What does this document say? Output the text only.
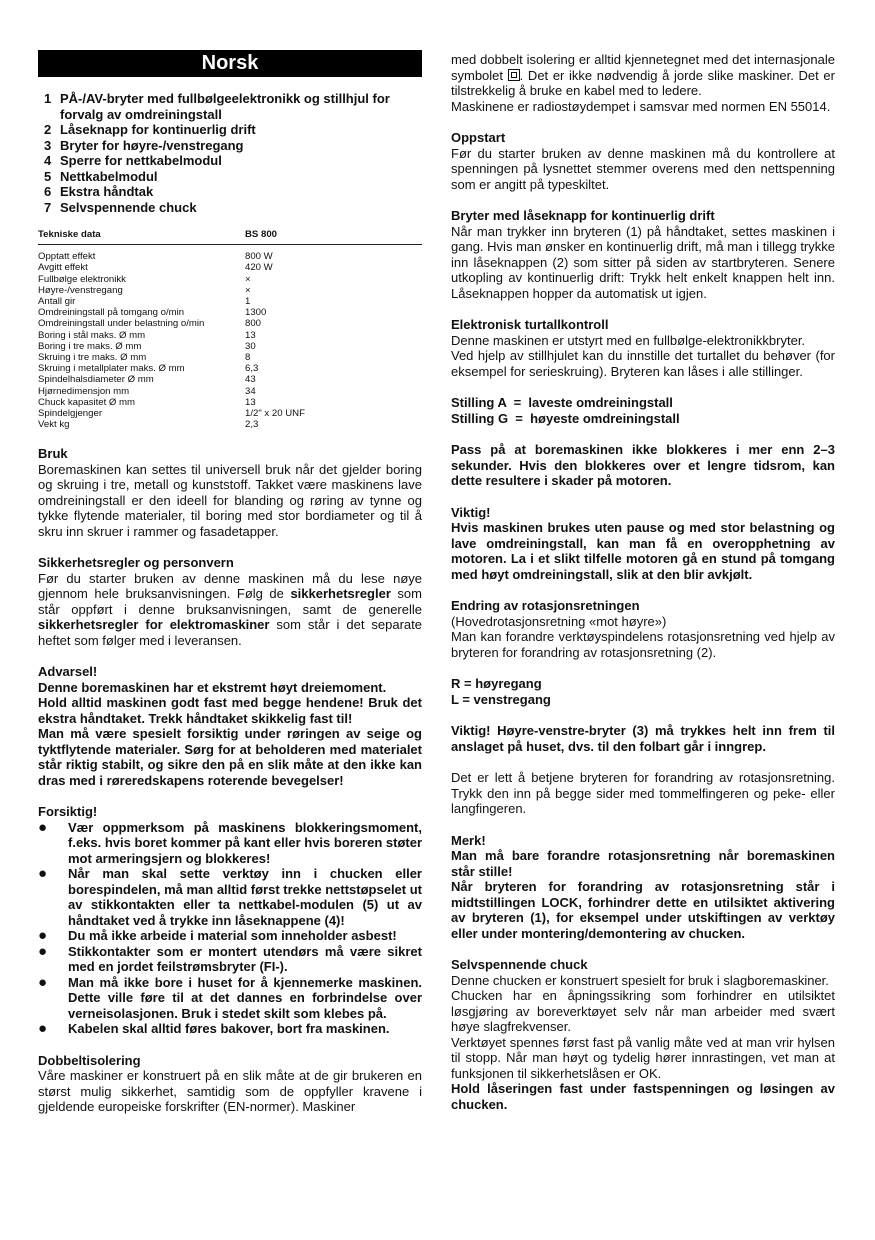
Norsk
1 PÅ-/AV-bryter med fullbølgeelektronikk og stillhjul for forvalg av omdreiningstall
2 Låseknapp for kontinuerlig drift
3 Bryter for høyre-/venstregang
4 Sperre for nettkabelmodul
5 Nettkabelmodul
6 Ekstra håndtak
7 Selvspennende chuck
Tekniske data	BS 800
Opptatt effekt	800 W
Avgitt effekt	420 W
Fullbølge elektronikk	×
Høyre-/venstregang	×
Antall gir	1
Omdreiningstall på tomgang o/min	1300
Omdreiningstall under belastning o/min	800
Boring i stål maks. Ø mm	13
Boring i tre maks. Ø mm	30
Skruing i tre maks. Ø mm	8
Skruing i metallplater maks. Ø mm	6,3
Spindelhalsdiameter Ø mm	43
Hjørnedimensjon mm	34
Chuck kapasitet Ø mm	13
Spindelgjenger	1/2" x 20 UNF
Vekt kg	2,3
Bruk

Boremaskinen kan settes til universell bruk når det gjelder boring og skruing i tre, metall og kunststoff. Takket være maskinens lave omdreiningstall er den ideell for blanding og røring av tynne og tykke flytende materialer, til boring med stor bordiameter og til å skru inn skruer i rammer og fasadetapper.

Sikkerhetsregler og personvern

Før du starter bruken av denne maskinen må du lese nøye gjennom hele bruksanvisningen. Følg de sikkerhetsregler som står oppført i denne bruksanvisningen, samt de generelle sikkerhetsregler for elektromaskiner som står i det separate heftet som følger med i leveransen.

Advarsel!

Denne boremaskinen har et ekstremt høyt dreiemoment.

Hold alltid maskinen godt fast med begge hendene! Bruk det ekstra håndtaket. Trekk håndtaket skikkelig fast til!

Man må være spesielt forsiktig under røringen av seige og tyktflytende materialer. Sørg for at beholderen med materialet står riktig stabilt, og sikre den på en slik måte at den ikke kan dras med i røreredskapens roterende bevegelser!

Forsiktig!
●	Vær oppmerksom på maskinens blokkeringsmoment, f.eks. hvis boret kommer på kant eller hvis boreren støter mot armeringsjern og blokkeres!
●	Når man skal sette verktøy inn i chucken eller borespindelen, må man alltid først trekke nettstøpselet ut av stikkontakten eller ta nettkabel-modulen (5) ut av håndtaket ved å trykke inn låseknappene (4)!
●	Du må ikke arbeide i material som inneholder asbest!
●	Stikkontakter som er montert utendørs må være sikret med en jordet feilstrømsbryter (FI-).
●	Man må ikke bore i huset for å kjennemerke maskinen. Dette ville føre til at det dannes en forbrindelse over verneisolasjonen. Bruk i stedet skilt som klebes på.
●	Kabelen skal alltid føres bakover, bort fra maskinen.
Dobbeltisolering

Våre maskiner er konstruert på en slik måte at de gir brukeren en størst mulig sikkerhet, samtidig som de oppfyller kravene i gjeldende europeiske forskrifter (EN-normer). Maskiner

med dobbelt isolering er alltid kjennetegnet med det internasjonale symbolet . Det er ikke nødvendig å jorde slike maskiner. Det er tilstrekkelig å bruke en kabel med to ledere.

Maskinene er radiostøydempet i samsvar med normen EN 55014.

Oppstart

Før du starter bruken av denne maskinen må du kontrollere at spenningen på lysnettet stemmer overens med den nettspenning som er angitt på typeskiltet.

Bryter med låseknapp for kontinuerlig drift

Når man trykker inn bryteren (1) på håndtaket, settes maskinen i gang. Hvis man ønsker en kontinuerlig drift, må man i tillegg trykke inn låseknappen (2) som sitter på siden av startbryteren. Senere utkopling av kontinuerlig drift: Trykk helt enkelt knappen helt inn. Låseknappen hopper da automatisk ut igjen.

Elektronisk turtallkontroll

Denne maskinen er utstyrt med en fullbølge-elektronikkbryter.

Ved hjelp av stillhjulet kan du innstille det turtallet du behøver (for eksempel for serieskruing). Bryteren kan låses i alle stillinger.

Stilling A  =  laveste omdreiningstall

Stilling G  =  høyeste omdreiningstall

Pass på at boremaskinen ikke blokkeres i mer enn 2–3 sekunder. Hvis den blokkeres over et lengre tidsrom, kan dette resultere i skader på motoren.

Viktig!

Hvis maskinen brukes uten pause og med stor belastning og lave omdreiningstall, kan man få en overopphetning av motoren. La i et slikt tilfelle motoren gå en stund på tomgang med høyt omdreiningstall, slik at den blir avkjølt.

Endring av rotasjonsretningen

(Hovedrotasjonsretning «mot høyre»)

Man kan forandre verktøyspindelens rotasjonsretning ved hjelp av bryteren for forandring av rotasjonsretning (2).

R = høyregang

L = venstregang

Viktig! Høyre-venstre-bryter (3) må trykkes helt inn frem til anslaget på huset, dvs. til den folbart går i inngrep.

Det er lett å betjene bryteren for forandring av rotasjonsretning. Trykk den inn på begge sider med tommelfingeren og peke- eller langfingeren.

Merk!

Man må bare forandre rotasjonsretning når boremaskinen står stille!

Når bryteren for forandring av rotasjonsretning står i midtstillingen LOCK, forhindrer dette en utilsiktet aktivering av bryteren (1), for eksempel under utskiftingen av verktøy eller under montering/demontering av chucken.

Selvspennende chuck

Denne chucken er konstruert spesielt for bruk i slagboremaskiner.

Chucken har en åpningssikring som forhindrer en utilsiktet løsgjøring av boreverktøyet selv når man arbeider med svært høye slagfrekvenser.

Verktøyet spennes først fast på vanlig måte ved at man vrir hylsen til stopp. Når man høyt og tydelig hører innrastingen, vet man at funksjonen til sikkerhetslåsen er OK.

Hold låseringen fast under fastspenningen og løsingen av chucken.
